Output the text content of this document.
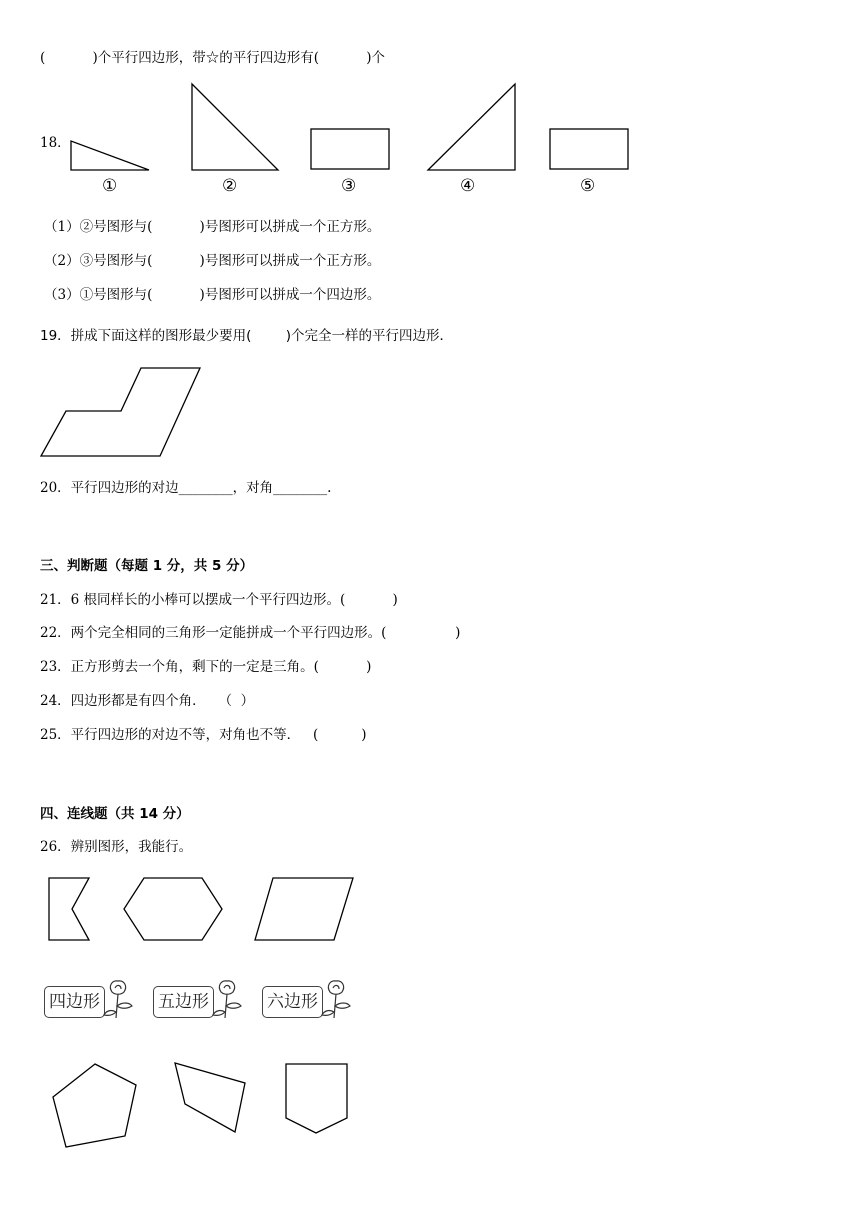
(           )个平行四边形，带☆的平行四边形有(           )个
18．
①	②	③	④	⑤
（1）②号图形与(           )号图形可以拼成一个正方形。
（2）③号图形与(           )号图形可以拼成一个正方形。
（3）①号图形与(           )号图形可以拼成一个四边形。
19．拼成下面这样的图形最少要用(        )个完全一样的平行四边形．
20．平行四边形的对边________，对角________.
三、判断题（每题 1 分，共 5 分）
21．6 根同样长的小棒可以摆成一个平行四边形。(           )
22．两个完全相同的三角形一定能拼成一个平行四边形。(                )
23．正方形剪去一个角，剩下的一定是三角。(           )
24．四边形都是有四个角．   （  ）
25．平行四边形的对边不等，对角也不等．   (          )
四、连线题（共 14 分）
26．辨别图形，我能行。
四边形	五边形	六边形
